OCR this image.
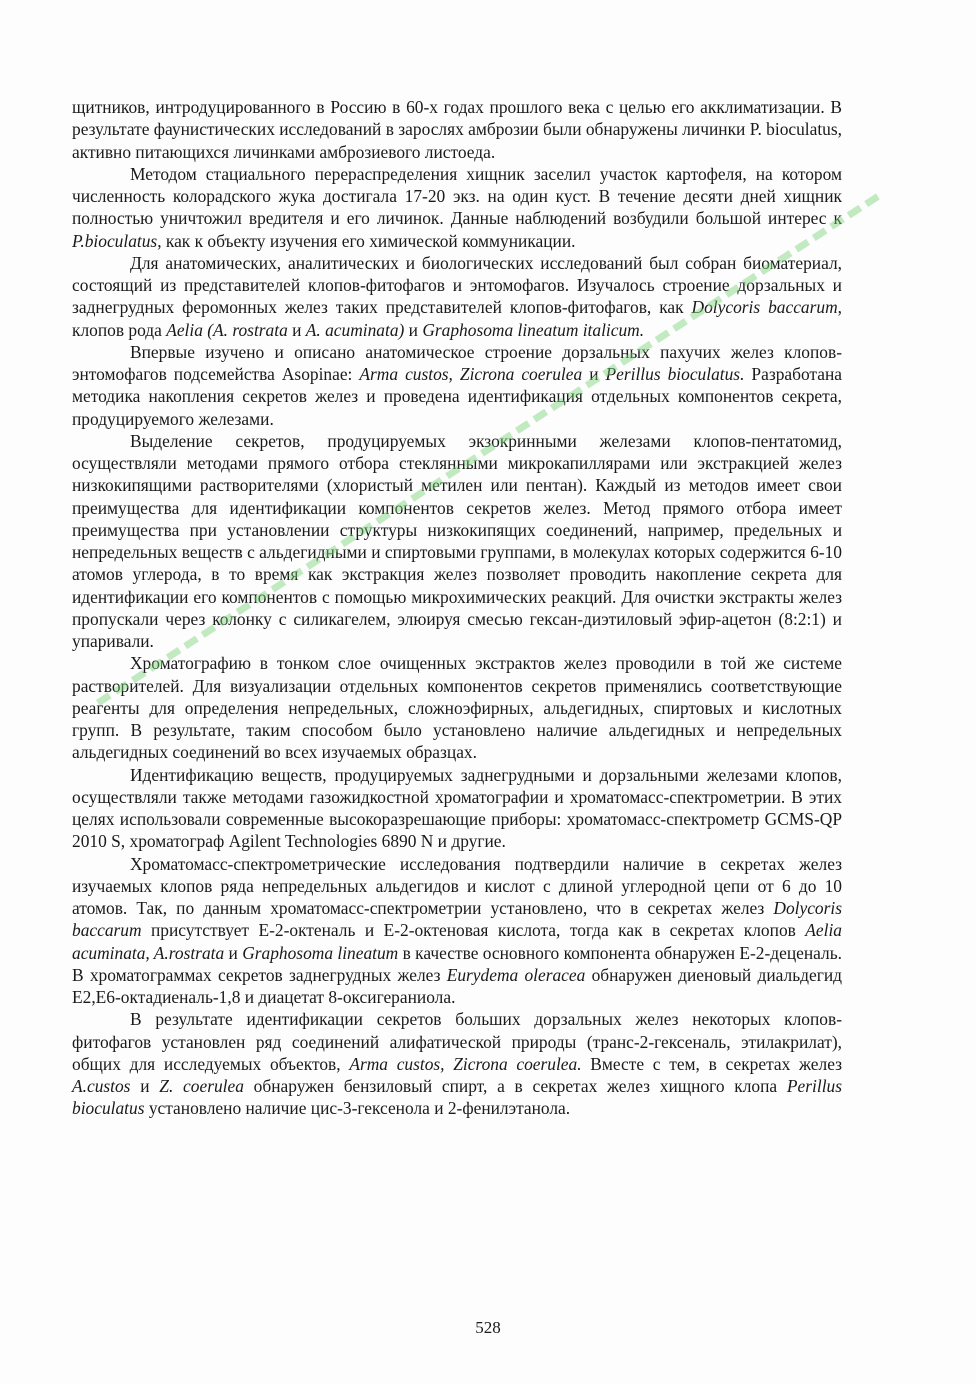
щитников, интродуцированного в Россию в 60-х годах прошлого века с целью его акклиматизации. В результате фаунистических исследований в зарослях амброзии были обнаружены личинки P. bioculatus, активно питающихся личинками амброзиевого листоеда.

Методом стациального перераспределения хищник заселил участок картофеля, на котором численность колорадского жука достигала 17-20 экз. на один куст. В течение десяти дней хищник полностью уничтожил вредителя и его личинок. Данные наблюдений возбудили большой интерес к P.bioculatus, как к объекту изучения его химической коммуникации.

Для анатомических, аналитических и биологических исследований был собран биоматериал, состоящий из представителей клопов-фитофагов и энтомофагов. Изучалось строение дорзальных и заднегрудных феромонных желез таких представителей клопов-фитофагов, как Dolycoris baccarum, клопов рода Aelia (A. rostrata и A. acuminata) и Graphosoma lineatum italicum.

Впервые изучено и описано анатомическое строение дорзальных пахучих желез клопов-энтомофагов подсемейства Asopinae: Arma custos, Zicrona coerulea и Perillus bioculatus. Разработана методика накопления секретов желез и проведена идентификация отдельных компонентов секрета, продуцируемого железами.

Выделение секретов, продуцируемых экзокринными железами клопов-пентатомид, осуществляли методами прямого отбора стеклянными микрокапиллярами или экстракцией желез низкокипящими растворителями (хлористый метилен или пентан). Каждый из методов имеет свои преимущества для идентификации компонентов секретов желез. Метод прямого отбора имеет преимущества при установлении структуры низкокипящих соединений, например, предельных и непредельных веществ с альдегидными и спиртовыми группами, в молекулах которых содержится 6-10 атомов углерода, в то время как экстракция желез позволяет проводить накопление секрета для идентификации его компонентов с помощью микрохимических реакций. Для очистки экстракты желез пропускали через колонку с силикагелем, элюируя смесью гексан-диэтиловый эфир-ацетон (8:2:1) и упаривали.

Хроматографию в тонком слое очищенных экстрактов желез проводили в той же системе растворителей. Для визуализации отдельных компонентов секретов применялись соответствующие реагенты для определения непредельных, сложноэфирных, альдегидных, спиртовых и кислотных групп. В результате, таким способом было установлено наличие альдегидных и непредельных альдегидных соединений во всех изучаемых образцах.

Идентификацию веществ, продуцируемых заднегрудными и дорзальными железами клопов, осуществляли также методами газожидкостной хроматографии и хроматомасс-спектрометрии. В этих целях использовали современные высокоразрешающие приборы: хроматомасс-спектрометр GCMS-QP 2010 S, хроматограф Agilent Technologies 6890 N и другие.

Хроматомасс-спектрометрические исследования подтвердили наличие в секретах желез изучаемых клопов ряда непредельных альдегидов и кислот с длиной углеродной цепи от 6 до 10 атомов. Так, по данным хроматомасс-спектрометрии установлено, что в секретах желез Dolycoris baccarum присутствует E-2-октеналь и E-2-октеновая кислота, тогда как в секретах клопов Aelia acuminata, A.rostrata и Graphosoma lineatum в качестве основного компонента обнаружен E-2-деценаль. В хроматограммах секретов заднегрудных желез Eurydema oleracea обнаружен диеновый диальдегид E2,E6-октадиеналь-1,8 и диацетат 8-оксигераниола.

В результате идентификации секретов больших дорзальных желез некоторых клопов-фитофагов установлен ряд соединений алифатической природы (транс-2-гексеналь, этилакрилат), общих для исследуемых объектов, Arma custos, Zicrona coerulea. Вместе с тем, в секретах желез A.custos и Z. coerulea обнаружен бензиловый спирт, а в секретах желез хищного клопа Perillus bioculatus установлено наличие цис-3-гексенола и 2-фенилэтанола.

528
